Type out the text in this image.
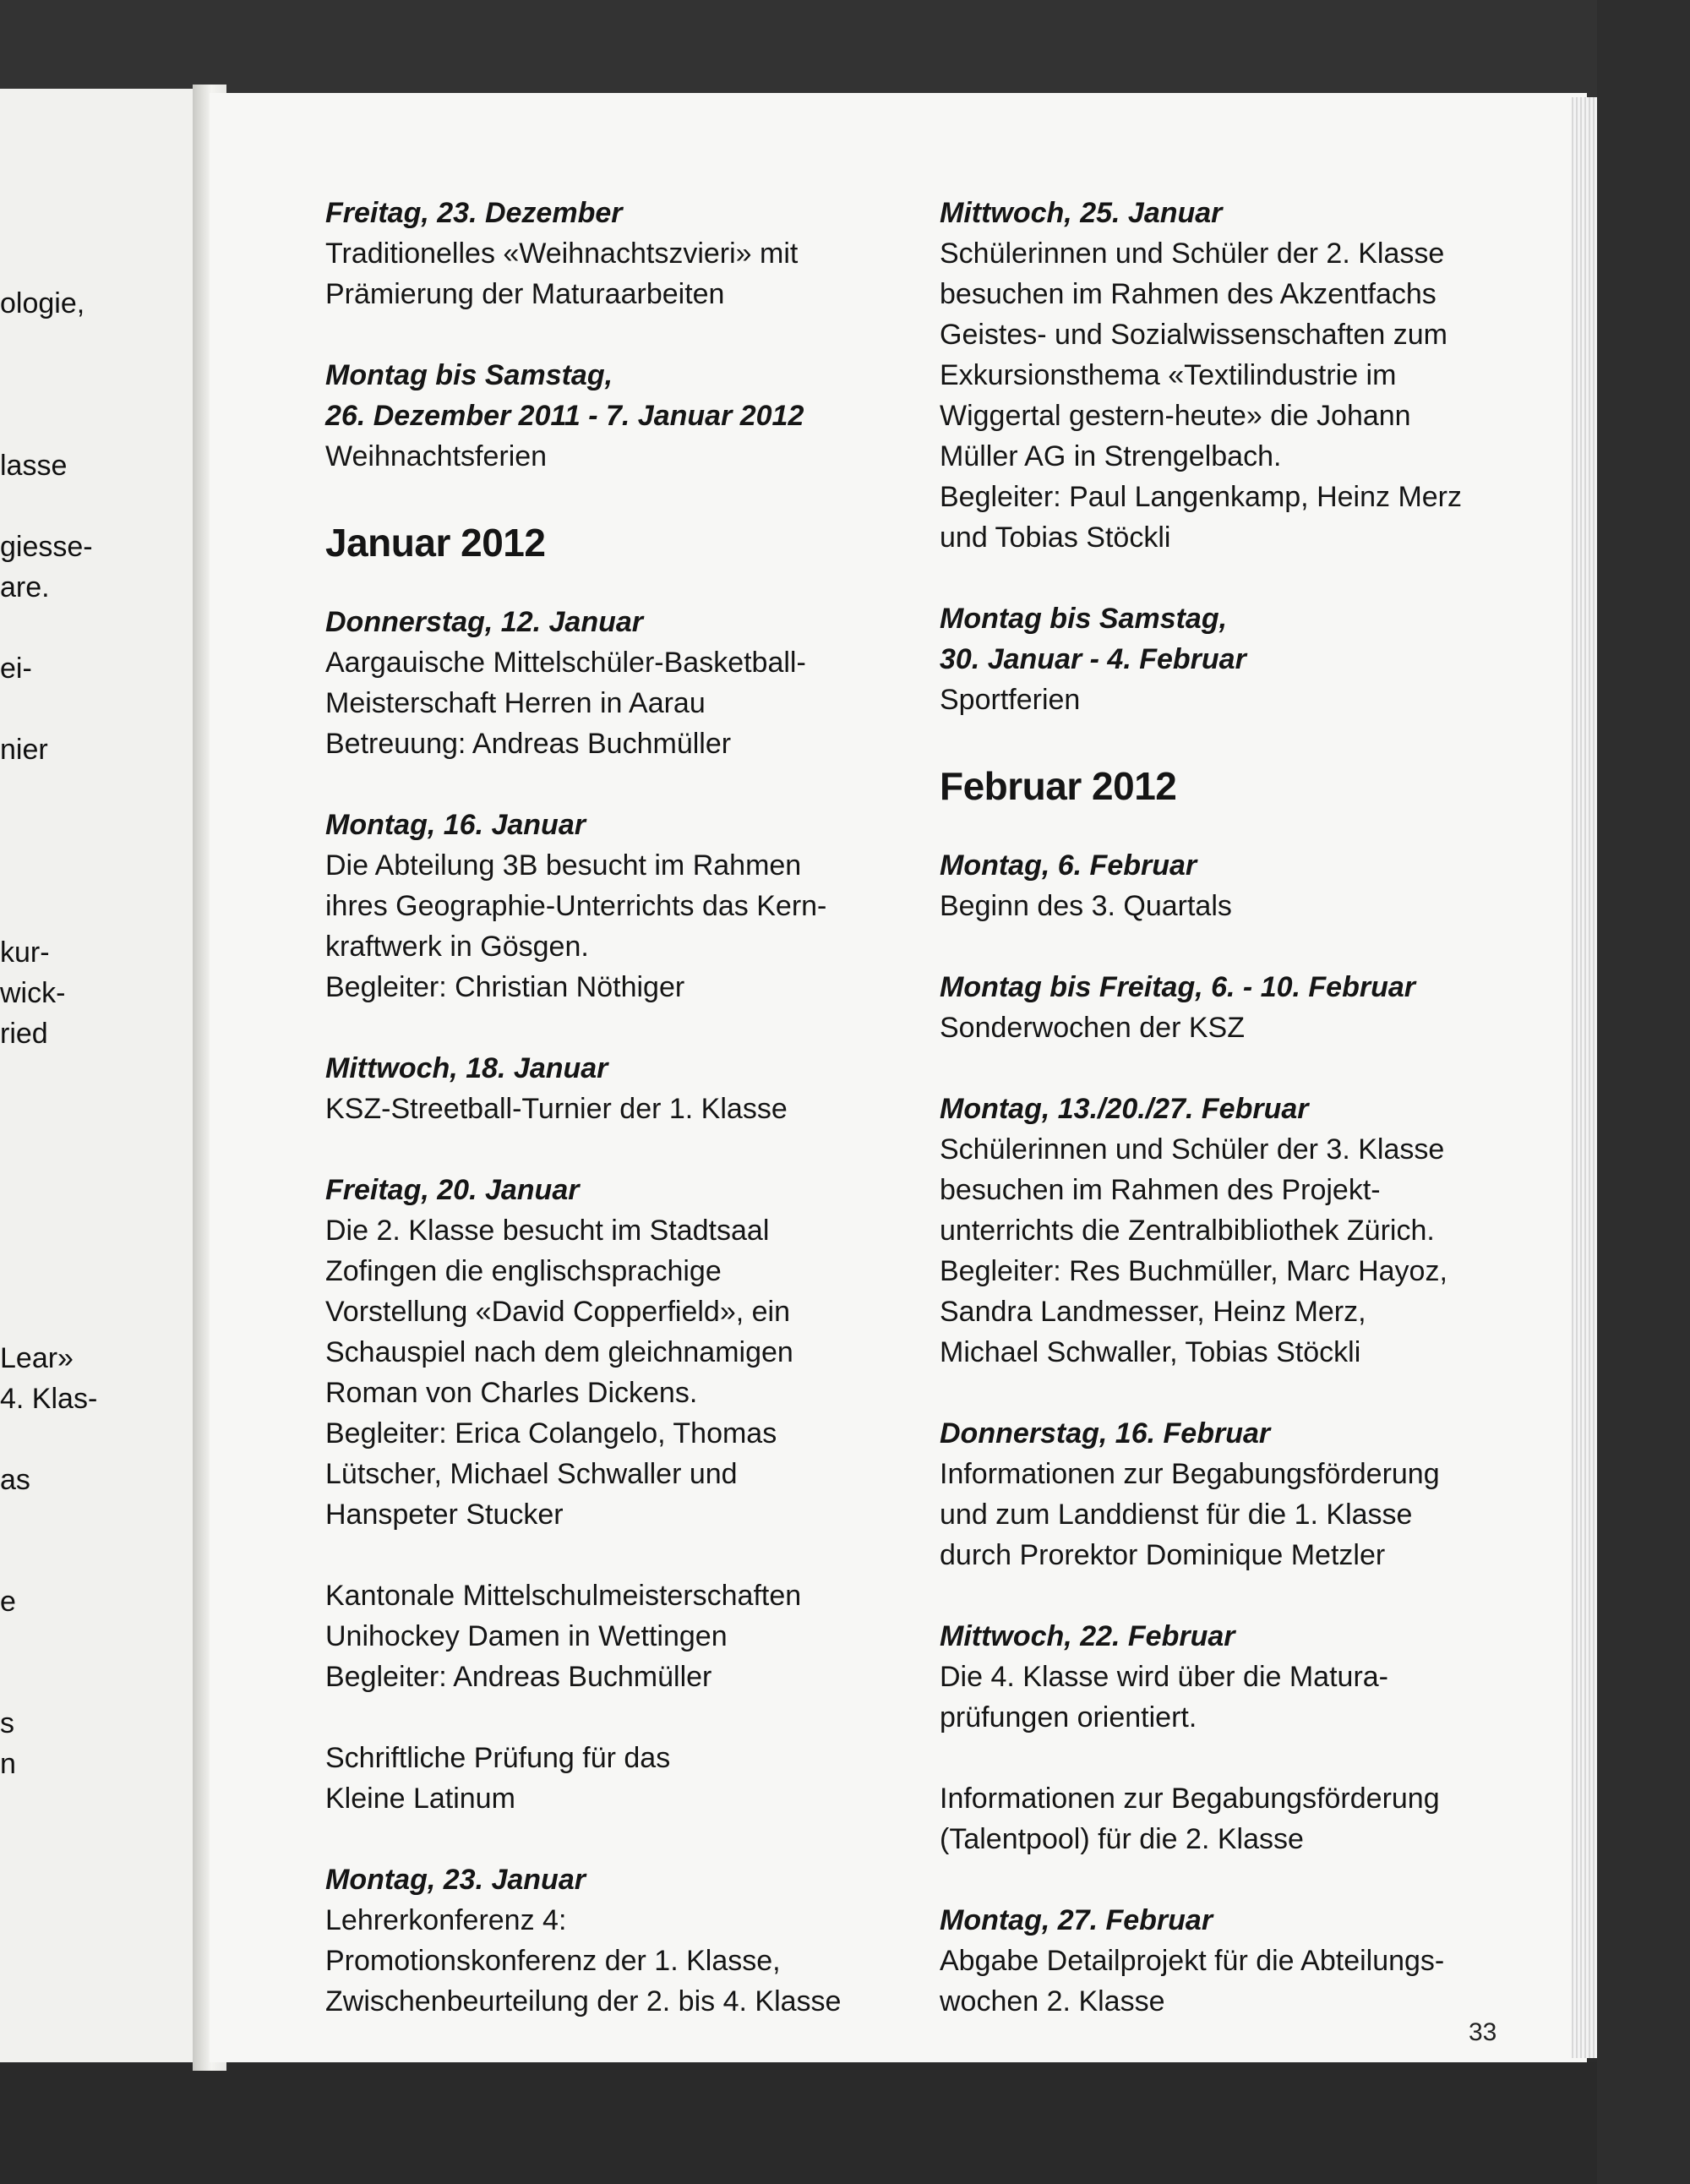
ologie,
lasse
giesse-
are.
ei-
nier
kur-
wick-
ried
Lear»
4. Klas-
as
e
s
n

Freitag, 23. Dezember

Traditionelles «Weihnachtszvieri» mit

Prämierung der Maturaarbeiten

Montag bis Samstag,

26. Dezember 2011 - 7. Januar 2012

Weihnachtsferien

Januar 2012

Donnerstag, 12. Januar

Aargauische Mittelschüler-Basketball-

Meisterschaft Herren in Aarau

Betreuung: Andreas Buchmüller

Montag, 16. Januar

Die Abteilung 3B besucht im Rahmen

ihres Geographie-Unterrichts das Kern-

kraftwerk in Gösgen.

Begleiter: Christian Nöthiger

Mittwoch, 18. Januar

KSZ-Streetball-Turnier der 1. Klasse

Freitag, 20. Januar

Die 2. Klasse besucht im Stadtsaal

Zofingen die englischsprachige

Vorstellung «David Copperfield», ein

Schauspiel nach dem gleichnamigen

Roman von Charles Dickens.

Begleiter: Erica Colangelo, Thomas

Lütscher, Michael Schwaller und

Hanspeter Stucker

Kantonale Mittelschulmeisterschaften

Unihockey Damen in Wettingen

Begleiter: Andreas Buchmüller

Schriftliche Prüfung für das

Kleine Latinum

Montag, 23. Januar

Lehrerkonferenz 4:

Promotionskonferenz der 1. Klasse,

Zwischenbeurteilung der 2. bis 4. Klasse

Mittwoch, 25. Januar

Schülerinnen und Schüler der 2. Klasse

besuchen im Rahmen des Akzentfachs

Geistes- und Sozialwissenschaften zum

Exkursionsthema «Textilindustrie im

Wiggertal gestern-heute» die Johann

Müller AG in Strengelbach.

Begleiter: Paul Langenkamp, Heinz Merz

und Tobias Stöckli

Montag bis Samstag,

30. Januar - 4. Februar

Sportferien

Februar 2012

Montag, 6. Februar

Beginn des 3. Quartals

Montag bis Freitag, 6. - 10. Februar

Sonderwochen der KSZ

Montag, 13./20./27. Februar

Schülerinnen und Schüler der 3. Klasse

besuchen im Rahmen des Projekt-

unterrichts die Zentralbibliothek Zürich.

Begleiter: Res Buchmüller, Marc Hayoz,

Sandra Landmesser, Heinz Merz,

Michael Schwaller, Tobias Stöckli

Donnerstag, 16. Februar

Informationen zur Begabungsförderung

und zum Landdienst für die 1. Klasse

durch Prorektor Dominique Metzler

Mittwoch, 22. Februar

Die 4. Klasse wird über die Matura-

prüfungen orientiert.

Informationen zur Begabungsförderung

(Talentpool) für die 2. Klasse

Montag, 27. Februar

Abgabe Detailprojekt für die Abteilungs-

wochen 2. Klasse

33
